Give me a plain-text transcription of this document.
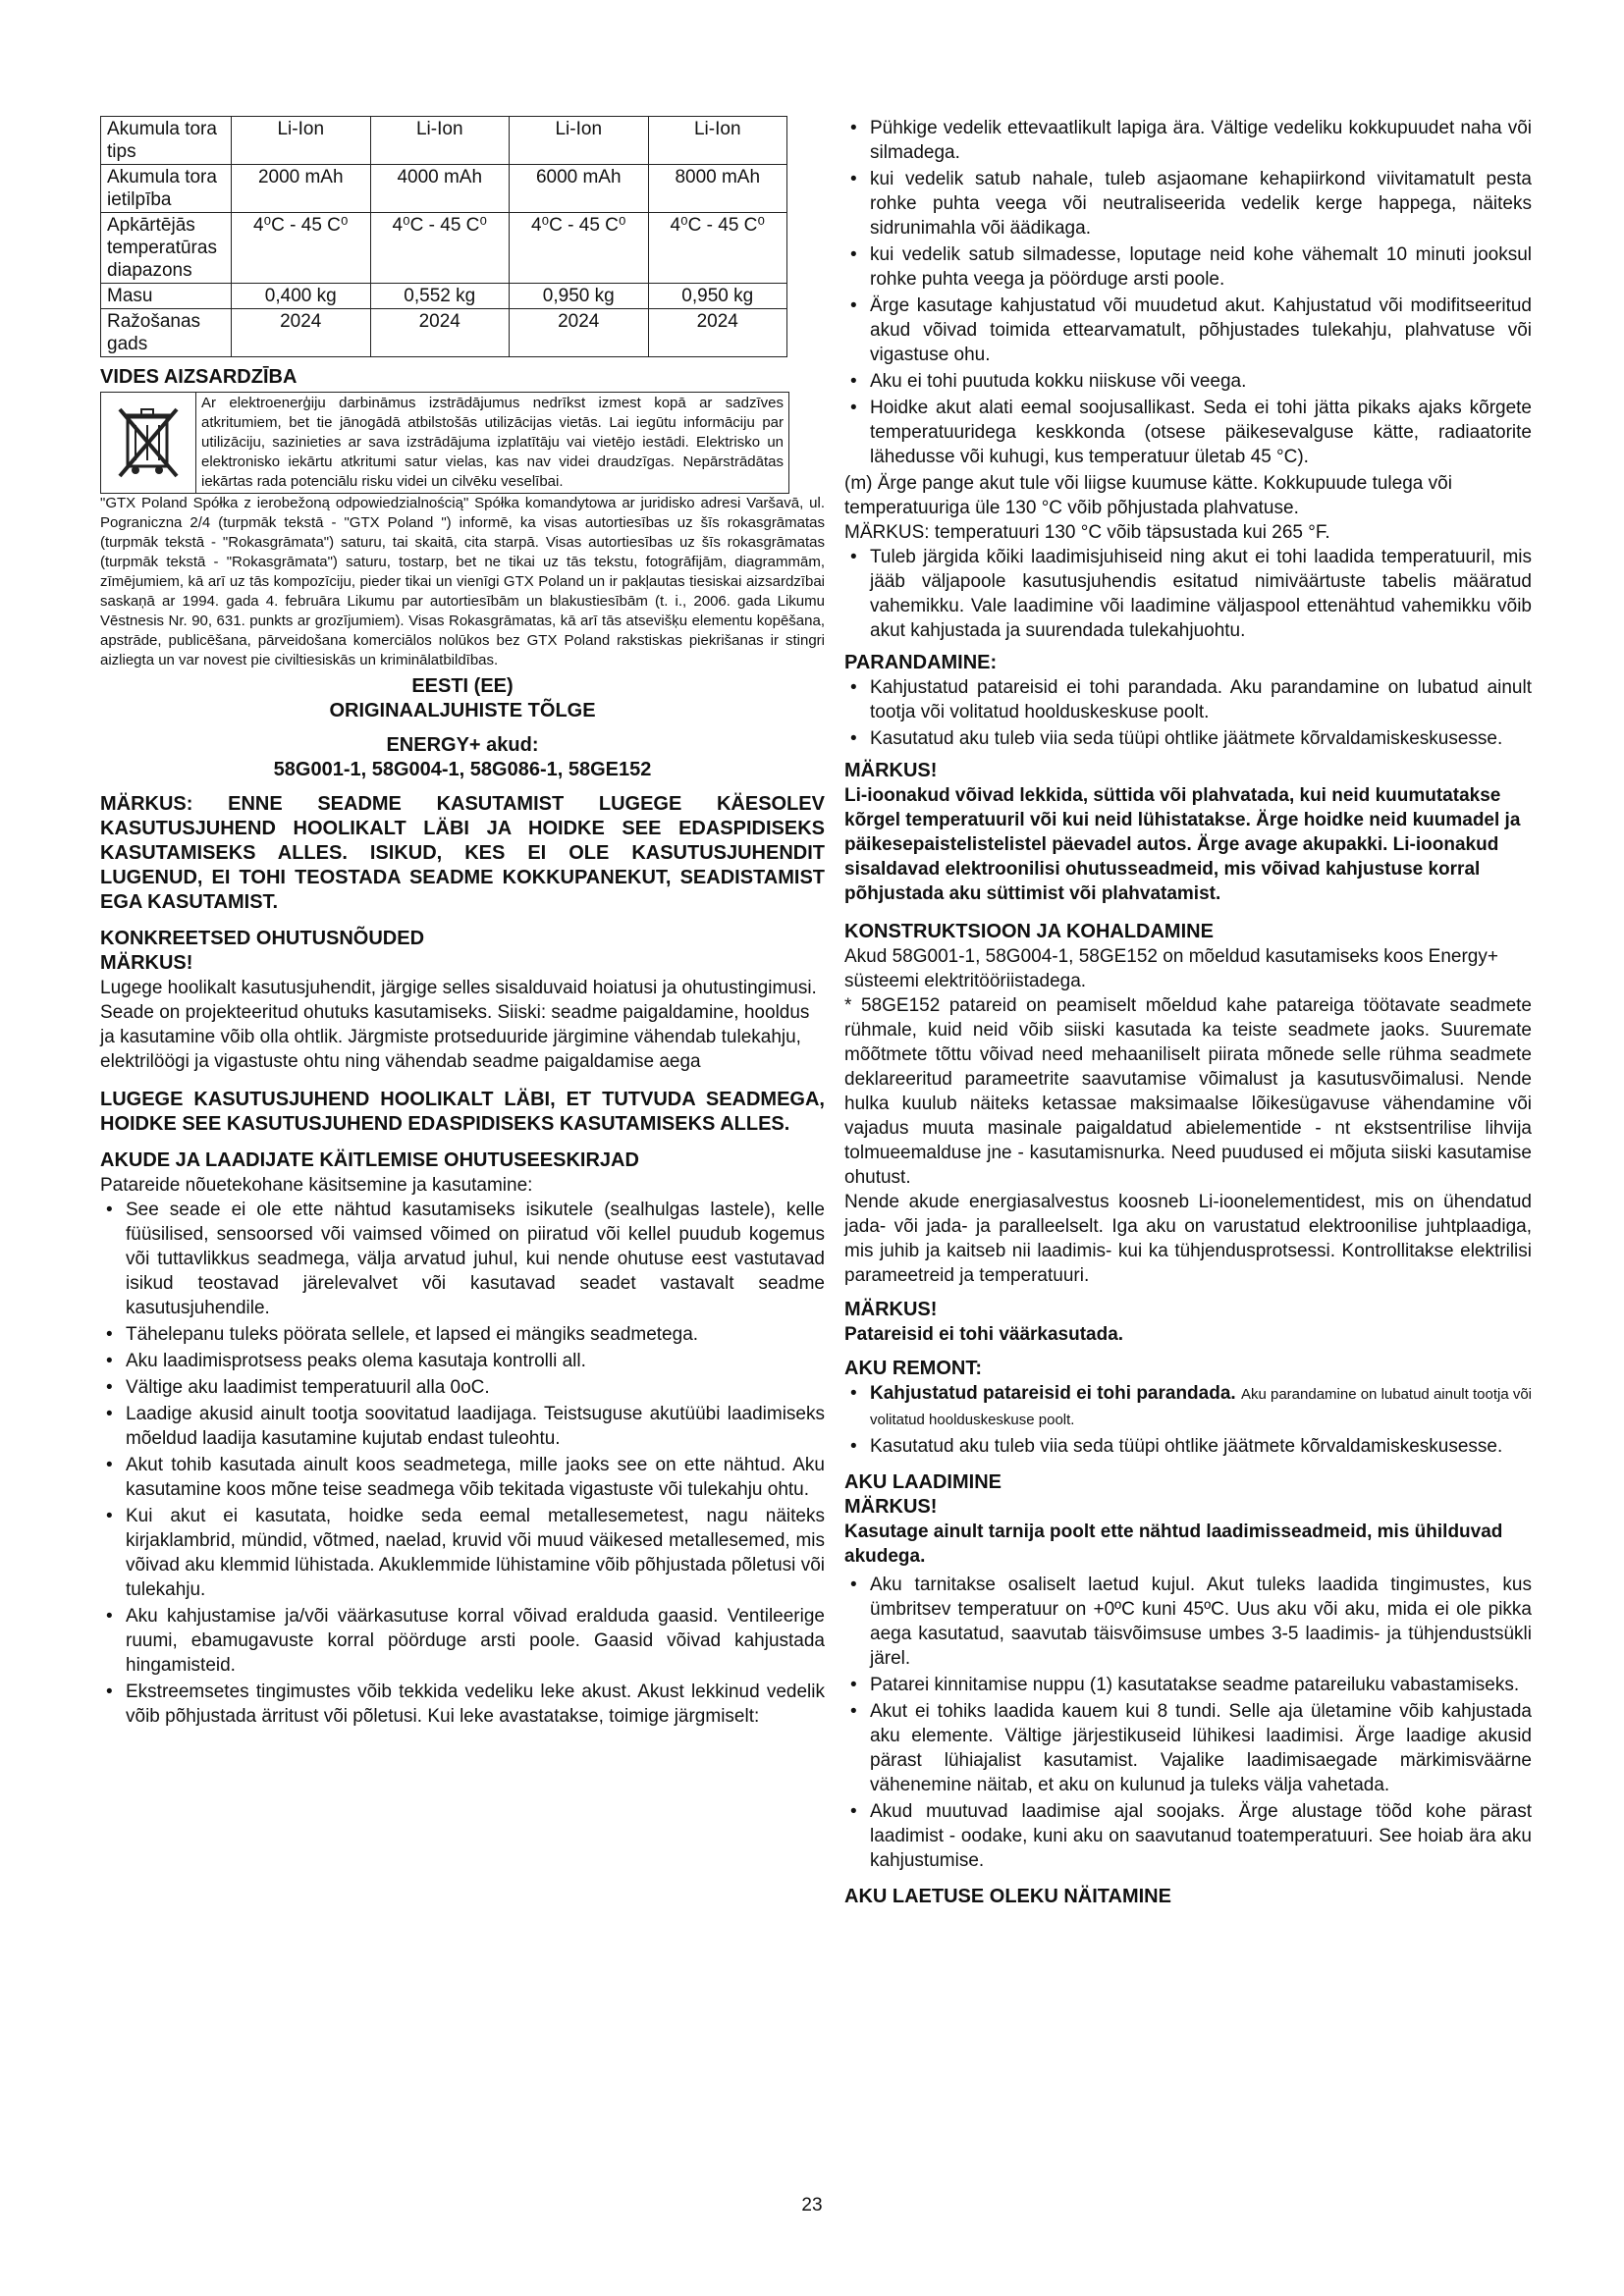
Akumula tora tips	Li-Ion	Li-Ion	Li-Ion	Li-Ion
Akumula tora ietilpība	2000 mAh	4000 mAh	6000 mAh	8000 mAh
Apkārtējās temperatūras diapazons	4⁰C - 45 C⁰	4⁰C - 45 C⁰	4⁰C - 45 C⁰	4⁰C - 45 C⁰
Masu	0,400 kg	0,552 kg	0,950 kg	0,950 kg
Ražošanas gads	2024	2024	2024	2024

VIDES AIZSARDZĪBA

Ar elektroenerģiju darbināmus izstrādājumus nedrīkst izmest kopā ar sadzīves atkritumiem, bet tie jānogādā atbilstošās utilizācijas vietās. Lai iegūtu informāciju par utilizāciju, sazinieties ar sava izstrādājuma izplatītāju vai vietējo iestādi. Elektrisko un elektronisko iekārtu atkritumi satur vielas, kas nav videi draudzīgas. Nepārstrādātas iekārtas rada potenciālu risku videi un cilvēku veselībai.

"GTX Poland Spółka z ierobežoną odpowiedzialnością" Spółka komandytowa ar juridisko adresi Varšavā, ul. Pograniczna 2/4 (turpmāk tekstā - "GTX Poland ") informē, ka visas autortiesības uz šīs rokasgrāmatas (turpmāk tekstā - "Rokasgrāmata") saturu, tai skaitā, cita starpā. Visas autortiesības uz šīs rokasgrāmatas (turpmāk tekstā - "Rokasgrāmata") saturu, tostarp, bet ne tikai uz tās tekstu, fotogrāfijām, diagrammām, zīmējumiem, kā arī uz tās kompozīciju, pieder tikai un vienīgi GTX Poland un ir pakļautas tiesiskai aizsardzībai saskaņā ar 1994. gada 4. februāra Likumu par autortiesībām un blakustiesībām (t. i., 2006. gada Likumu Vēstnesis Nr. 90, 631. punkts ar grozījumiem). Visas Rokasgrāmatas, kā arī tās atsevišķu elementu kopēšana, apstrāde, publicēšana, pārveidošana komerciālos nolūkos bez GTX Poland rakstiskas piekrišanas ir stingri aizliegta un var novest pie civiltiesiskās un kriminālatbildības.

EESTI (EE)

ORIGINAALJUHISTE TÕLGE

ENERGY+ akud:

58G001-1, 58G004-1, 58G086-1, 58GE152

MÄRKUS: ENNE SEADME KASUTAMIST LUGEGE KÄESOLEV KASUTUSJUHEND HOOLIKALT LÄBI JA HOIDKE SEE EDASPIDISEKS KASUTAMISEKS ALLES. ISIKUD, KES EI OLE KASUTUSJUHENDIT LUGENUD, EI TOHI TEOSTADA SEADME KOKKUPANEKUT, SEADISTAMIST EGA KASUTAMIST.

KONKREETSED OHUTUSNÕUDED

MÄRKUS!

Lugege hoolikalt kasutusjuhendit, järgige selles sisalduvaid hoiatusi ja ohutustingimusi. Seade on projekteeritud ohutuks kasutamiseks. Siiski: seadme paigaldamine, hooldus ja kasutamine võib olla ohtlik. Järgmiste protseduuride järgimine vähendab tulekahju, elektrilöögi ja vigastuste ohtu ning vähendab seadme paigaldamise aega

LUGEGE KASUTUSJUHEND HOOLIKALT LÄBI, ET TUTVUDA SEADMEGA, HOIDKE SEE KASUTUSJUHEND EDASPIDISEKS KASUTAMISEKS ALLES.

AKUDE JA LAADIJATE KÄITLEMISE OHUTUSEESKIRJAD

Patareide nõuetekohane käsitsemine ja kasutamine:

• See seade ei ole ette nähtud kasutamiseks isikutele (sealhulgas lastele), kelle füüsilised, sensoorsed või vaimsed võimed on piiratud või kellel puudub kogemus või tuttavlikkus seadmega, välja arvatud juhul, kui nende ohutuse eest vastutavad isikud teostavad järelevalvet või kasutavad seadet vastavalt seadme kasutusjuhendile.
• Tähelepanu tuleks pöörata sellele, et lapsed ei mängiks seadmetega.
• Aku laadimisprotsess peaks olema kasutaja kontrolli all.
• Vältige aku laadimist temperatuuril alla 0oC.
• Laadige akusid ainult tootja soovitatud laadijaga. Teistsuguse akutüübi laadimiseks mõeldud laadija kasutamine kujutab endast tuleohtu.
• Akut tohib kasutada ainult koos seadmetega, mille jaoks see on ette nähtud. Aku kasutamine koos mõne teise seadmega võib tekitada vigastuste või tulekahju ohtu.
• Kui akut ei kasutata, hoidke seda eemal metallesemetest, nagu näiteks kirjaklambrid, mündid, võtmed, naelad, kruvid või muud väikesed metallesemed, mis võivad aku klemmid lühistada. Akuklemmide lühistamine võib põhjustada põletusi või tulekahju.
• Aku kahjustamise ja/või väärkasutuse korral võivad eralduda gaasid. Ventileerige ruumi, ebamugavuste korral pöörduge arsti poole. Gaasid võivad kahjustada hingamisteid.
• Ekstreemsetes tingimustes võib tekkida vedeliku leke akust. Akust lekkinud vedelik võib põhjustada ärritust või põletusi. Kui leke avastatakse, toimige järgmiselt:
• Pühkige vedelik ettevaatlikult lapiga ära. Vältige vedeliku kokkupuudet naha või silmadega.
• kui vedelik satub nahale, tuleb asjaomane kehapiirkond viivitamatult pesta rohke puhta veega või neutraliseerida vedelik kerge happega, näiteks sidrunimahla või äädikaga.
• kui vedelik satub silmadesse, loputage neid kohe vähemalt 10 minuti jooksul rohke puhta veega ja pöörduge arsti poole.
• Ärge kasutage kahjustatud või muudetud akut. Kahjustatud või modifitseeritud akud võivad toimida ettearvamatult, põhjustades tulekahju, plahvatuse või vigastuse ohu.
• Aku ei tohi puutuda kokku niiskuse või veega.
• Hoidke akut alati eemal soojusallikast. Seda ei tohi jätta pikaks ajaks kõrgete temperatuuridega keskkonda (otsese päikesevalguse kätte, radiaatorite lähedusse või kuhugi, kus temperatuur ületab 45 °C).

(m) Ärge pange akut tule või liigse kuumuse kätte. Kokkupuude tulega või temperatuuriga üle 130 °C võib põhjustada plahvatuse.

MÄRKUS: temperatuuri 130 °C võib täpsustada kui 265 °F.

• Tuleb järgida kõiki laadimisjuhiseid ning akut ei tohi laadida temperatuuril, mis jääb väljapoole kasutusjuhendis esitatud nimiväärtuste tabelis määratud vahemikku. Vale laadimine või laadimine väljaspool ettenähtud vahemikku võib akut kahjustada ja suurendada tulekahjuohtu.

PARANDAMINE:

• Kahjustatud patareisid ei tohi parandada. Aku parandamine on lubatud ainult tootja või volitatud hoolduskeskuse poolt.
• Kasutatud aku tuleb viia seda tüüpi ohtlike jäätmete kõrvaldamiskeskusesse.

MÄRKUS!

Li-ioonakud võivad lekkida, süttida või plahvatada, kui neid kuumutatakse kõrgel temperatuuril või kui neid lühistatakse. Ärge hoidke neid kuumadel ja päikesepaistelistelistel päevadel autos. Ärge avage akupakki. Li-ioonakud sisaldavad elektroonilisi ohutusseadmeid, mis võivad kahjustuse korral põhjustada aku süttimist või plahvatamist.

KONSTRUKTSIOON JA KOHALDAMINE

Akud 58G001-1, 58G004-1, 58GE152 on mõeldud kasutamiseks koos Energy+ süsteemi elektritööriistadega.

* 58GE152 patareid on peamiselt mõeldud kahe patareiga töötavate seadmete rühmale, kuid neid võib siiski kasutada ka teiste seadmete jaoks. Suuremate mõõtmete tõttu võivad need mehaaniliselt piirata mõnede selle rühma seadmete deklareeritud parameetrite saavutamise võimalust ja kasutusvõimalusi. Nende hulka kuulub näiteks ketassae maksimaalse lõikesügavuse vähendamine või vajadus muuta masinale paigaldatud abielementide - nt ekstsentrilise lihvija tolmueemalduse jne - kasutamisnurka. Need puudused ei mõjuta siiski kasutamise ohutust.

Nende akude energiasalvestus koosneb Li-ioonelementidest, mis on ühendatud jada- või jada- ja paralleelselt. Iga aku on varustatud elektroonilise juhtplaadiga, mis juhib ja kaitseb nii laadimis- kui ka tühjendusprotsessi. Kontrollitakse elektrilisi parameetreid ja temperatuuri.

MÄRKUS!

Patareisid ei tohi väärkasutada.

AKU REMONT:

• Kahjustatud patareisid ei tohi parandada. Aku parandamine on lubatud ainult tootja või volitatud hoolduskeskuse poolt.
• Kasutatud aku tuleb viia seda tüüpi ohtlike jäätmete kõrvaldamiskeskusesse.

AKU LAADIMINE

MÄRKUS!

Kasutage ainult tarnija poolt ette nähtud laadimisseadmeid, mis ühilduvad akudega.

• Aku tarnitakse osaliselt laetud kujul. Akut tuleks laadida tingimustes, kus ümbritsev temperatuur on +0ºC kuni 45ºC. Uus aku või aku, mida ei ole pikka aega kasutatud, saavutab täisvõimsuse umbes 3-5 laadimis- ja tühjendustsükli järel.
• Patarei kinnitamise nuppu (1) kasutatakse seadme patareiluku vabastamiseks.
• Akut ei tohiks laadida kauem kui 8 tundi. Selle aja ületamine võib kahjustada aku elemente. Vältige järjestikuseid lühikesi laadimisi. Ärge laadige akusid pärast lühiajalist kasutamist. Vajalike laadimisaegade märkimisväärne vähenemine näitab, et aku on kulunud ja tuleks välja vahetada.
• Akud muutuvad laadimise ajal soojaks. Ärge alustage töõd kohe pärast laadimist - oodake, kuni aku on saavutanud toatemperatuuri. See hoiab ära aku kahjustumise.

AKU LAETUSE OLEKU NÄITAMINE

23
